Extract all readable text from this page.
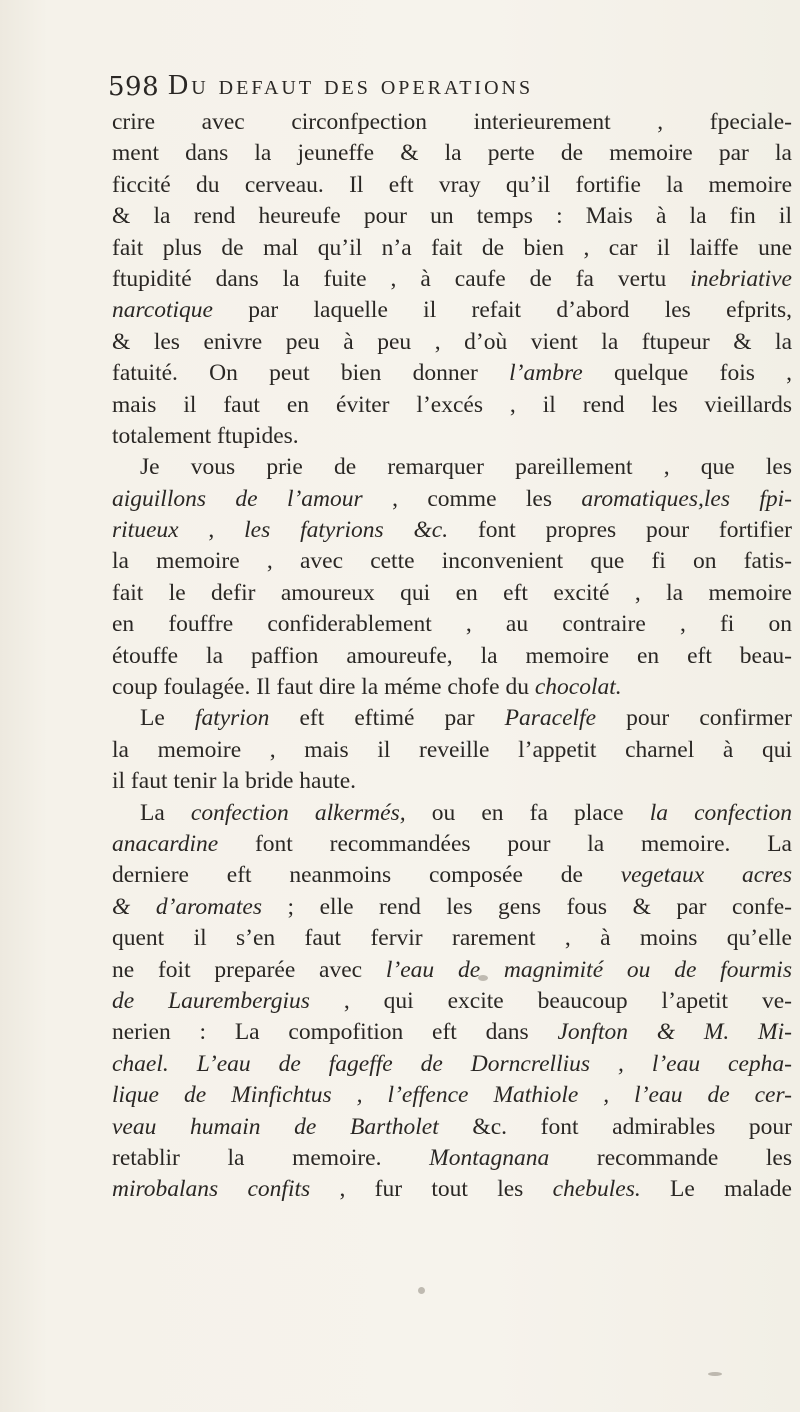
598 Du defaut des operations
crire avec circonfpection interieurement , fpeciale-
ment dans la jeuneffe & la perte de memoire par la
ficcité du cerveau. Il eft vray qu’il fortifie la memoire
& la rend heureufe pour un temps : Mais à la fin il
fait plus de mal qu’il n’a fait de bien , car il laiffe une
ftupidité dans la fuite , à caufe de fa vertu inebriative
narcotique par laquelle il refait d’abord les efprits,
& les enivre peu à peu , d’où vient la ftupeur & la
fatuité. On peut bien donner l’ambre quelque fois ,
mais il faut en éviter l’excés , il rend les vieillards
totalement ftupides.
Je vous prie de remarquer pareillement , que les
aiguillons de l’amour , comme les aromatiques,les fpi-
ritueux , les fatyrions &c. font propres pour fortifier
la memoire , avec cette inconvenient que fi on fatis-
fait le defir amoureux qui en eft excité , la memoire
en fouffre confiderablement , au contraire , fi on
étouffe la paffion amoureufe, la memoire en eft beau-
coup foulagée. Il faut dire la méme chofe du chocolat.
Le fatyrion eft eftimé par Paracelfe pour confirmer
la memoire , mais il reveille l’appetit charnel à qui
il faut tenir la bride haute.
La confection alkermés, ou en fa place la confection
anacardine font recommandées pour la memoire. La
derniere eft neanmoins composée de vegetaux acres
& d’aromates ; elle rend les gens fous & par confe-
quent il s’en faut fervir rarement , à moins qu’elle
ne foit preparée avec l’eau de magnimité ou de fourmis
de Laurembergius , qui excite beaucoup l’apetit ve-
nerien : La compofition eft dans Jonfton & M. Mi-
chael. L’eau de fageffe de Dorncrellius , l’eau cepha-
lique de Minfichtus , l’effence Mathiole , l’eau de cer-
veau humain de Bartholet &c. font admirables pour
retablir la memoire. Montagnana recommande les
mirobalans confits , fur tout les chebules. Le malade
